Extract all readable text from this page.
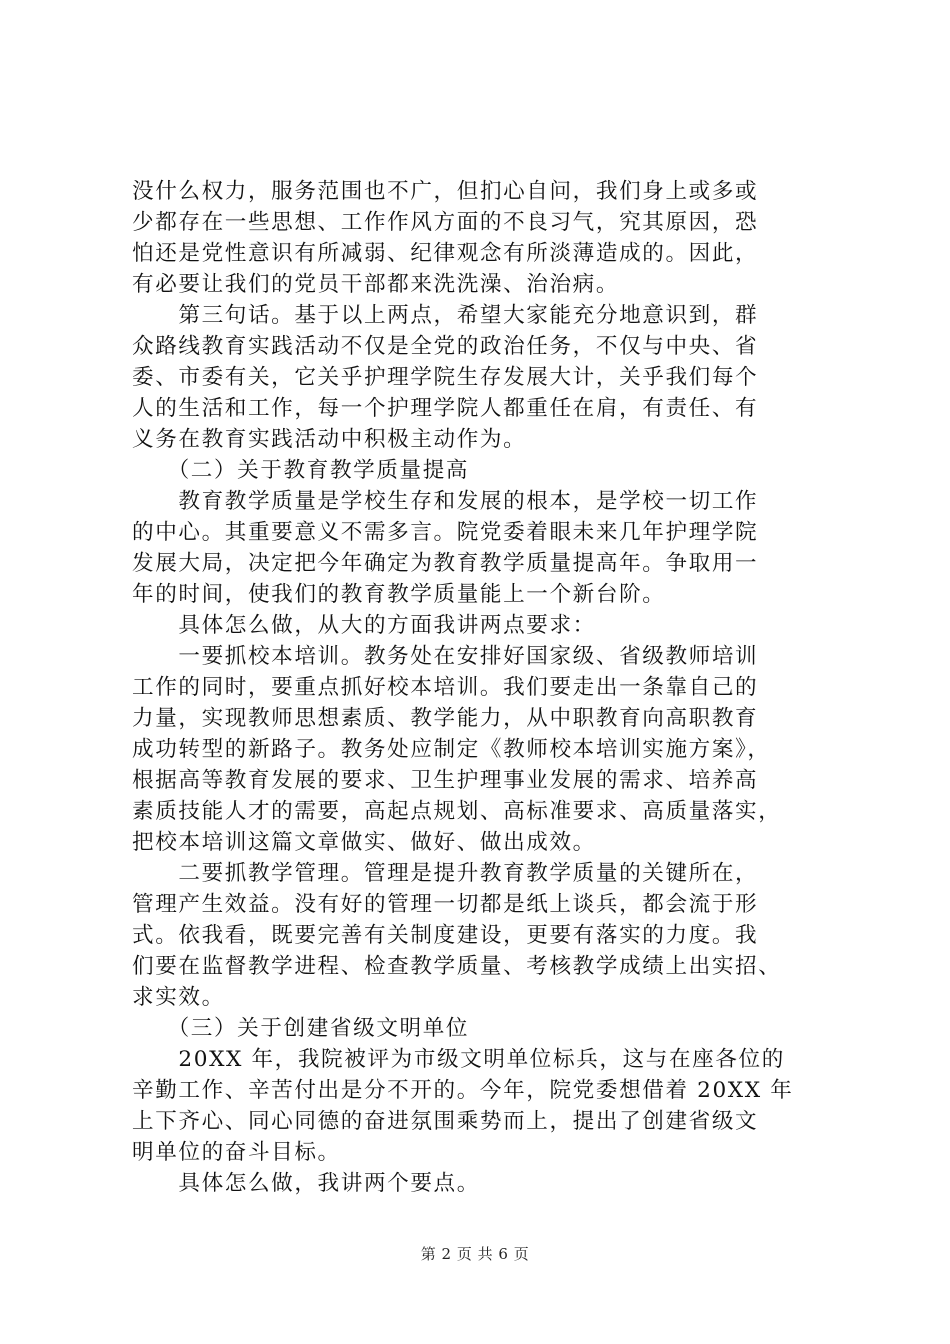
没什么权力，服务范围也不广，但扪心自问，我们身上或多或
少都存在一些思想、工作作风方面的不良习气，究其原因，恐
怕还是党性意识有所减弱、纪律观念有所淡薄造成的。因此，
有必要让我们的党员干部都来洗洗澡、治治病。
　　第三句话。基于以上两点，希望大家能充分地意识到，群
众路线教育实践活动不仅是全党的政治任务，不仅与中央、省
委、市委有关，它关乎护理学院生存发展大计，关乎我们每个
人的生活和工作，每一个护理学院人都重任在肩，有责任、有
义务在教育实践活动中积极主动作为。
　　（二）关于教育教学质量提高
　　教育教学质量是学校生存和发展的根本，是学校一切工作
的中心。其重要意义不需多言。院党委着眼未来几年护理学院
发展大局，决定把今年确定为教育教学质量提高年。争取用一
年的时间，使我们的教育教学质量能上一个新台阶。
　　具体怎么做，从大的方面我讲两点要求：
　　一要抓校本培训。教务处在安排好国家级、省级教师培训
工作的同时，要重点抓好校本培训。我们要走出一条靠自己的
力量，实现教师思想素质、教学能力，从中职教育向高职教育
成功转型的新路子。教务处应制定《教师校本培训实施方案》，
根据高等教育发展的要求、卫生护理事业发展的需求、培养高
素质技能人才的需要，高起点规划、高标准要求、高质量落实，
把校本培训这篇文章做实、做好、做出成效。
　　二要抓教学管理。管理是提升教育教学质量的关键所在，
管理产生效益。没有好的管理一切都是纸上谈兵，都会流于形
式。依我看，既要完善有关制度建设，更要有落实的力度。我
们要在监督教学进程、检查教学质量、考核教学成绩上出实招、
求实效。
　　（三）关于创建省级文明单位
　　20XX 年，我院被评为市级文明单位标兵，这与在座各位的
辛勤工作、辛苦付出是分不开的。今年，院党委想借着 20XX 年
上下齐心、同心同德的奋进氛围乘势而上，提出了创建省级文
明单位的奋斗目标。
　　具体怎么做，我讲两个要点。
第 2 页 共 6 页
